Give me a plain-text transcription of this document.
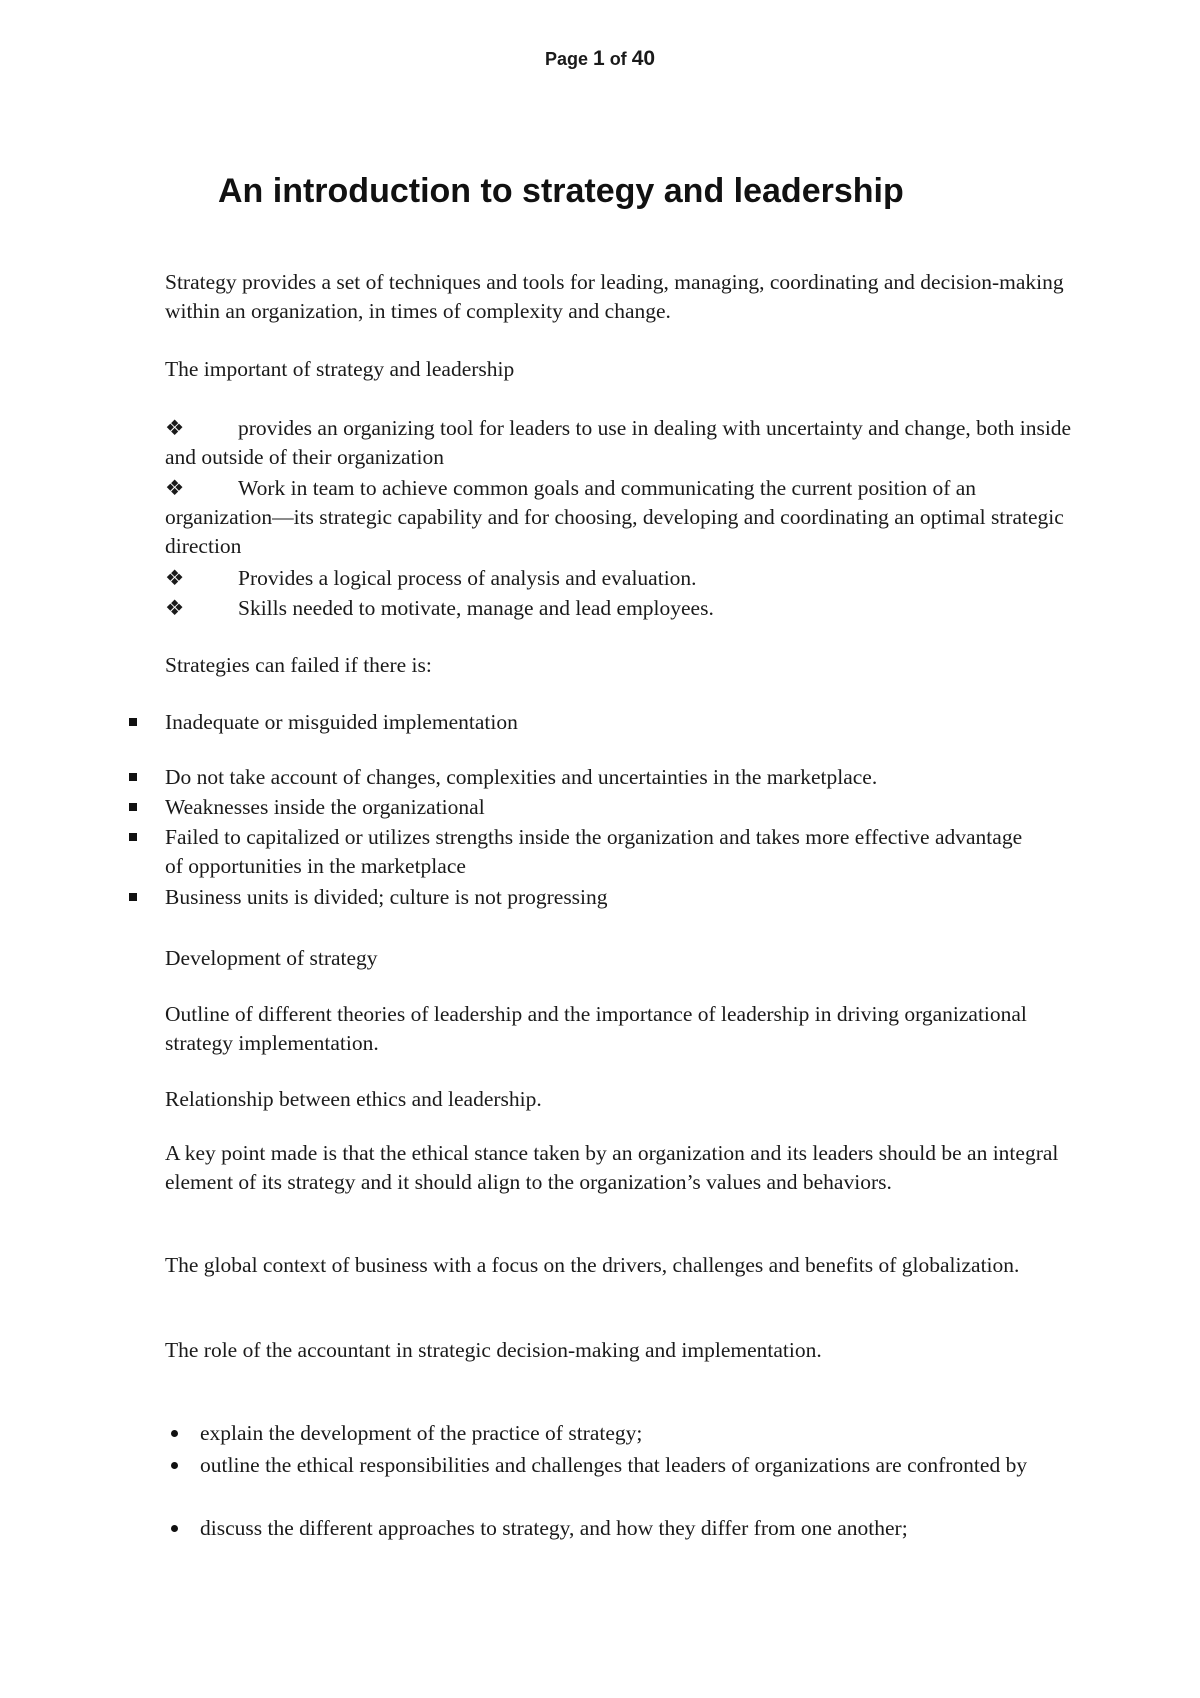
Page 1 of 40
An introduction to strategy and leadership

Strategy provides a set of techniques and tools for leading, managing, coordinating and decision-making within an organization, in times of complexity and change.

The important of strategy and leadership

❖ provides an organizing tool for leaders to use in dealing with uncertainty and change, both inside and outside of their organization

❖ Work in team to achieve common goals and communicating the current position of an organization—its strategic capability and for choosing, developing and coordinating an optimal strategic direction

❖ Provides a logical process of analysis and evaluation.

❖ Skills needed to motivate, manage and lead employees.

Strategies can failed if there is:

Inadequate or misguided implementation
Do not take account of changes, complexities and uncertainties in the marketplace.
Weaknesses inside the organizational
Failed to capitalized or utilizes strengths inside the organization and takes more effective advantage of opportunities in the marketplace
Business units is divided; culture is not progressing

Development of strategy

Outline of different theories of leadership and the importance of leadership in driving organizational strategy implementation.

Relationship between ethics and leadership.

A key point made is that the ethical stance taken by an organization and its leaders should be an integral element of its strategy and it should align to the organization’s values and behaviors.

The global context of business with a focus on the drivers, challenges and benefits of globalization.

The role of the accountant in strategic decision-making and implementation.

explain the development of the practice of strategy;
outline the ethical responsibilities and challenges that leaders of organizations are confronted by
discuss the different approaches to strategy, and how they differ from one another;
